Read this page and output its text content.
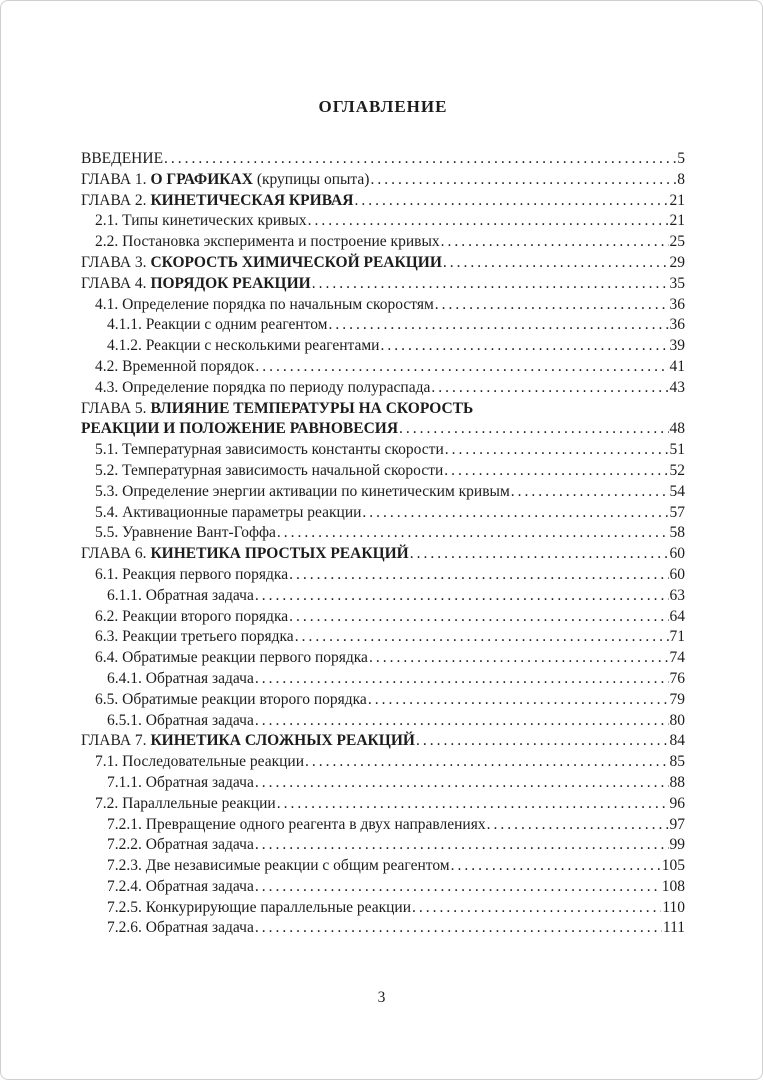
ОГЛАВЛЕНИЕ
ВВЕДЕНИЕ .....	5
ГЛАВА 1. О ГРАФИКАХ (крупицы опыта) .....	8
ГЛАВА 2. КИНЕТИЧЕСКАЯ КРИВАЯ .....	21
2.1. Типы кинетических кривых .....	21
2.2. Постановка эксперимента и построение кривых .....	25
ГЛАВА 3. СКОРОСТЬ ХИМИЧЕСКОЙ РЕАКЦИИ .....	29
ГЛАВА 4. ПОРЯДОК РЕАКЦИИ .....	35
4.1. Определение порядка по начальным скоростям .....	36
4.1.1. Реакции с одним реагентом .....	36
4.1.2. Реакции с несколькими реагентами .....	39
4.2. Временной порядок .....	41
4.3. Определение порядка по периоду полураспада .....	43
ГЛАВА 5. ВЛИЯНИЕ ТЕМПЕРАТУРЫ НА СКОРОСТЬ
РЕАКЦИИ И ПОЛОЖЕНИЕ РАВНОВЕСИЯ .....	48
5.1. Температурная зависимость константы скорости .....	51
5.2. Температурная зависимость начальной скорости .....	52
5.3. Определение энергии активации по кинетическим кривым .....	54
5.4. Активационные параметры реакции .....	57
5.5. Уравнение Вант-Гоффа .....	58
ГЛАВА 6. КИНЕТИКА ПРОСТЫХ РЕАКЦИЙ .....	60
6.1. Реакция первого порядка .....	60
6.1.1. Обратная задача .....	63
6.2. Реакции второго порядка .....	64
6.3. Реакции третьего порядка .....	71
6.4. Обратимые реакции первого порядка .....	74
6.4.1. Обратная задача .....	76
6.5. Обратимые реакции второго порядка .....	79
6.5.1. Обратная задача .....	80
ГЛАВА 7. КИНЕТИКА СЛОЖНЫХ РЕАКЦИЙ .....	84
7.1. Последовательные реакции .....	85
7.1.1. Обратная задача .....	88
7.2. Параллельные реакции .....	96
7.2.1. Превращение одного реагента в двух направлениях .....	97
7.2.2. Обратная задача .....	99
7.2.3. Две независимые реакции с общим реагентом .....	105
7.2.4. Обратная задача .....	108
7.2.5. Конкурирующие параллельные реакции .....	110
7.2.6. Обратная задача .....	111
3
